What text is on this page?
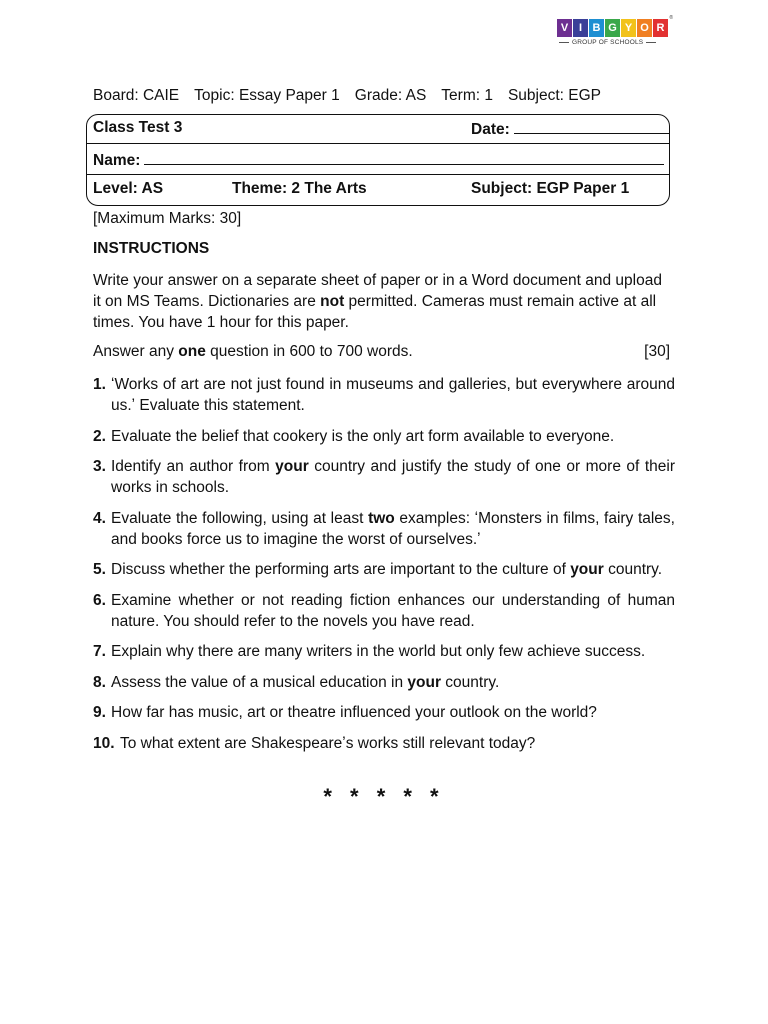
V I B G Y O R
®
GROUP OF SCHOOLS
Board: CAIE Topic: Essay Paper 1 Grade: AS Term: 1 Subject: EGP
Class Test 3	Date:
Name:
Level: AS	Theme: 2 The Arts	Subject: EGP Paper 1
[Maximum Marks: 30]
INSTRUCTIONS
Write your answer on a separate sheet of paper or in a Word document and upload it on MS Teams. Dictionaries are not permitted. Cameras must remain active at all times. You have 1 hour for this paper.
Answer any one question in 600 to 700 words.	[30]
1. ʻWorks of art are not just found in museums and galleries, but everywhere around us.ʼ Evaluate this statement.
2. Evaluate the belief that cookery is the only art form available to everyone.
3. Identify an author from your country and justify the study of one or more of their works in schools.
4. Evaluate the following, using at least two examples: ʻMonsters in films, fairy tales, and books force us to imagine the worst of ourselves.ʼ
5. Discuss whether the performing arts are important to the culture of your country.
6. Examine whether or not reading fiction enhances our understanding of human nature. You should refer to the novels you have read.
7. Explain why there are many writers in the world but only few achieve success.
8. Assess the value of a musical education in your country.
9. How far has music, art or theatre influenced your outlook on the world?
10. To what extent are Shakespeareʼs works still relevant today?
* * * * *
